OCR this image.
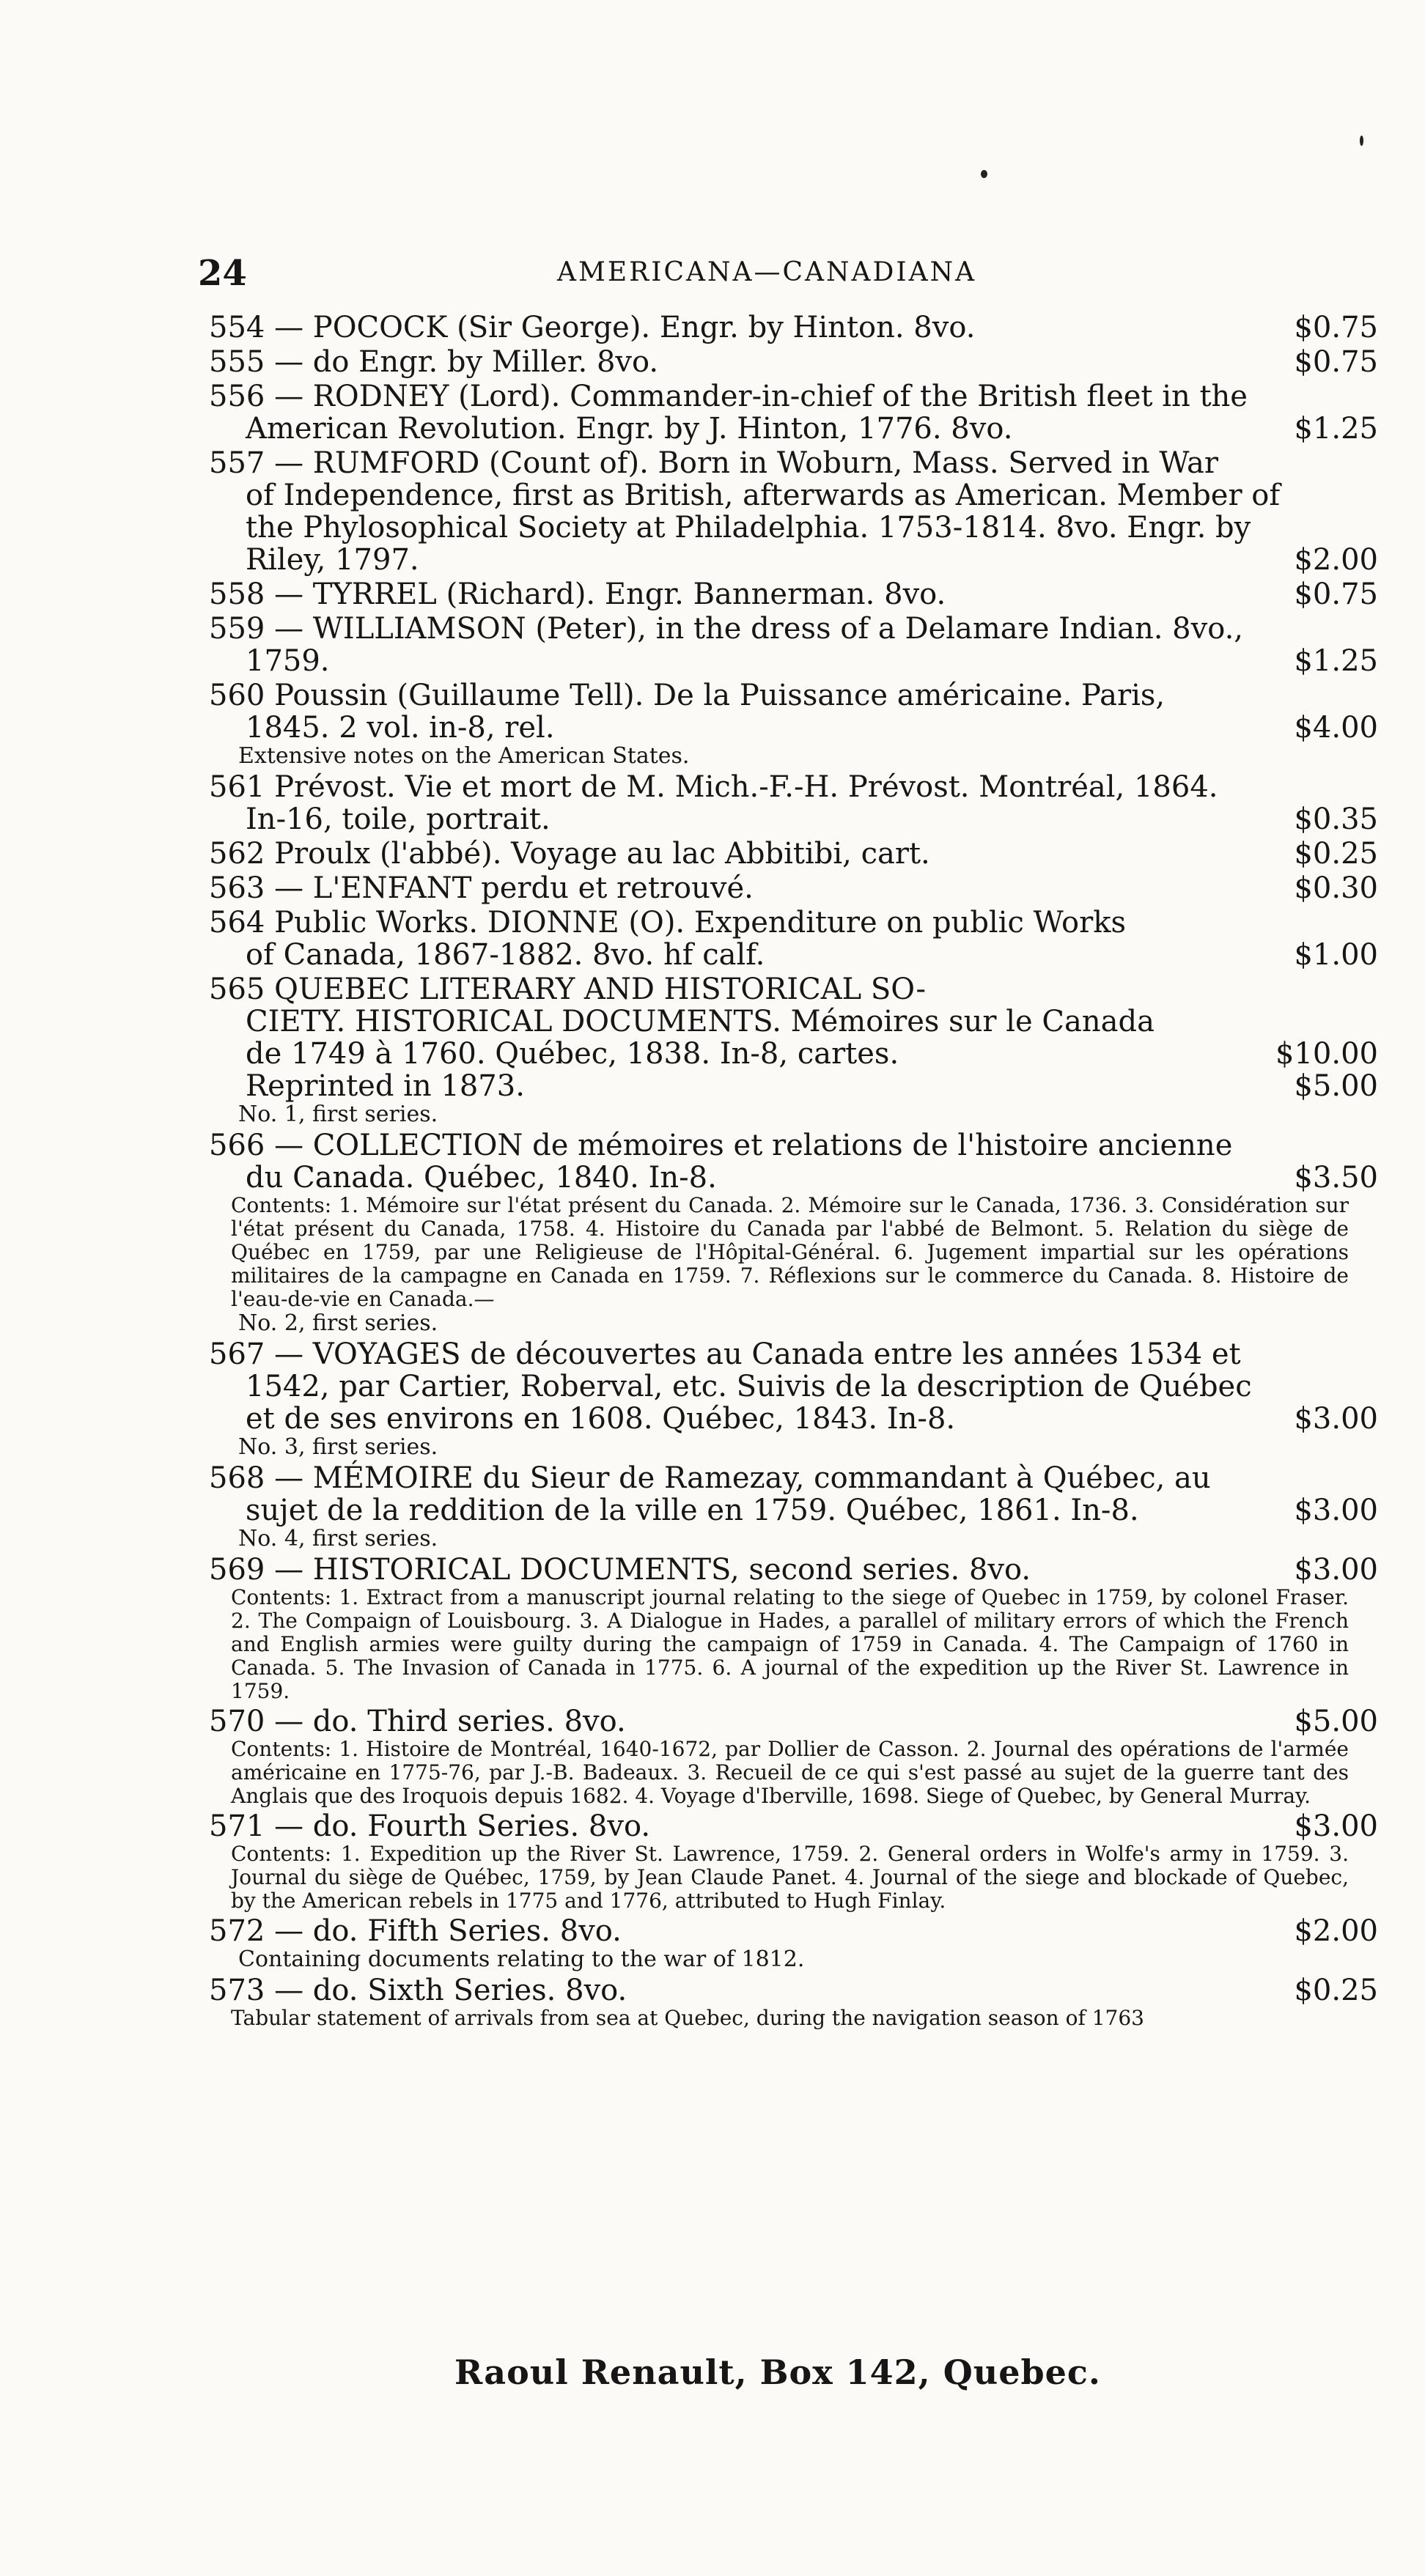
24	AMERICANA—CANADIANA
554 — POCOCK (Sir George). Engr. by Hinton. 8vo.	$0.75
555 — do Engr. by Miller. 8vo.	$0.75
556 — RODNEY (Lord). Commander-in-chief of the British fleet in the
American Revolution. Engr. by J. Hinton, 1776. 8vo.	$1.25
557 — RUMFORD (Count of). Born in Woburn, Mass. Served in War
of Independence, first as British, afterwards as American. Member of
the Phylosophical Society at Philadelphia. 1753-1814. 8vo. Engr. by
Riley, 1797.	$2.00
558 — TYRREL (Richard). Engr. Bannerman. 8vo.	$0.75
559 — WILLIAMSON (Peter), in the dress of a Delamare Indian. 8vo.,
1759.	$1.25
560 Poussin (Guillaume Tell). De la Puissance américaine. Paris,
1845. 2 vol. in-8, rel.	$4.00
Extensive notes on the American States.
561 Prévost. Vie et mort de M. Mich.-F.-H. Prévost. Montréal, 1864.
In-16, toile, portrait.	$0.35
562 Proulx (l'abbé). Voyage au lac Abbitibi, cart.	$0.25
563 — L'ENFANT perdu et retrouvé.	$0.30
564 Public Works. DIONNE (O). Expenditure on public Works
of Canada, 1867-1882. 8vo. hf calf.	$1.00
565 QUEBEC LITERARY AND HISTORICAL SO-
CIETY. HISTORICAL DOCUMENTS. Mémoires sur le Canada
de 1749 à 1760. Québec, 1838. In-8, cartes.	$10.00
Reprinted in 1873.	$5.00
No. 1, first series.
566 — COLLECTION de mémoires et relations de l'histoire ancienne
du Canada. Québec, 1840. In-8.	$3.50
Contents: 1. Mémoire sur l'état présent du Canada. 2. Mémoire sur le Canada, 1736. 3. Considération sur l'état présent du Canada, 1758. 4. Histoire du Canada par l'abbé de Belmont. 5. Relation du siège de Québec en 1759, par une Religieuse de l'Hôpital-Général. 6. Jugement impartial sur les opérations militaires de la campagne en Canada en 1759. 7. Réflexions sur le commerce du Canada. 8. Histoire de l'eau-de-vie en Canada.—
No. 2, first series.
567 — VOYAGES de découvertes au Canada entre les années 1534 et
1542, par Cartier, Roberval, etc. Suivis de la description de Québec
et de ses environs en 1608. Québec, 1843. In-8.	$3.00
No. 3, first series.
568 — MÉMOIRE du Sieur de Ramezay, commandant à Québec, au
sujet de la reddition de la ville en 1759. Québec, 1861. In-8.	$3.00
No. 4, first series.
569 — HISTORICAL DOCUMENTS, second series. 8vo.	$3.00
Contents: 1. Extract from a manuscript journal relating to the siege of Quebec in 1759, by colonel Fraser. 2. The Compaign of Louisbourg. 3. A Dialogue in Hades, a parallel of military errors of which the French and English armies were guilty during the campaign of 1759 in Canada. 4. The Campaign of 1760 in Canada. 5. The Invasion of Canada in 1775. 6. A journal of the expedition up the River St. Lawrence in 1759.
570 — do. Third series. 8vo.	$5.00
Contents: 1. Histoire de Montréal, 1640-1672, par Dollier de Casson. 2. Journal des opérations de l'armée américaine en 1775-76, par J.-B. Badeaux. 3. Recueil de ce qui s'est passé au sujet de la guerre tant des Anglais que des Iroquois depuis 1682. 4. Voyage d'Iberville, 1698. Siege of Quebec, by General Murray.
571 — do. Fourth Series. 8vo.	$3.00
Contents: 1. Expedition up the River St. Lawrence, 1759. 2. General orders in Wolfe's army in 1759. 3. Journal du siège de Québec, 1759, by Jean Claude Panet. 4. Journal of the siege and blockade of Quebec, by the American rebels in 1775 and 1776, attributed to Hugh Finlay.
572 — do. Fifth Series. 8vo.	$2.00
Containing documents relating to the war of 1812.
573 — do. Sixth Series. 8vo.	$0.25
Tabular statement of arrivals from sea at Quebec, during the navigation season of 1763
Raoul Renault, Box 142, Quebec.
